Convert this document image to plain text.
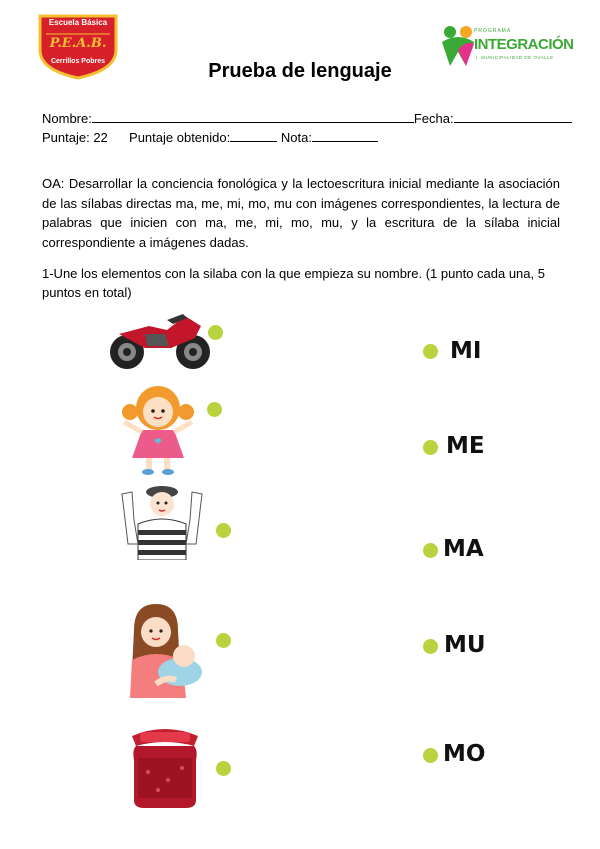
Escuela Básica
P.E.A.B.
Cerrillos Pobres
PROGRAMA
INTEGRACIÓN
I. MUNICIPALIDAD DE OVALLE
Prueba de lenguaje
Nombre:	Fecha:
Puntaje: 22 Puntaje obtenido:	Nota:
OA: Desarrollar la conciencia fonológica y la lectoescritura inicial mediante la asociación de las sílabas directas ma, me, mi, mo, mu con imágenes correspondientes, la lectura de palabras que inicien con ma, me, mi, mo, mu, y la escritura de la sílaba inicial correspondiente a imágenes dadas.
1-Une los elementos con la silaba con la que empieza su nombre. (1 punto cada una, 5 puntos en total)
MI
ME
MA
MU
MO
